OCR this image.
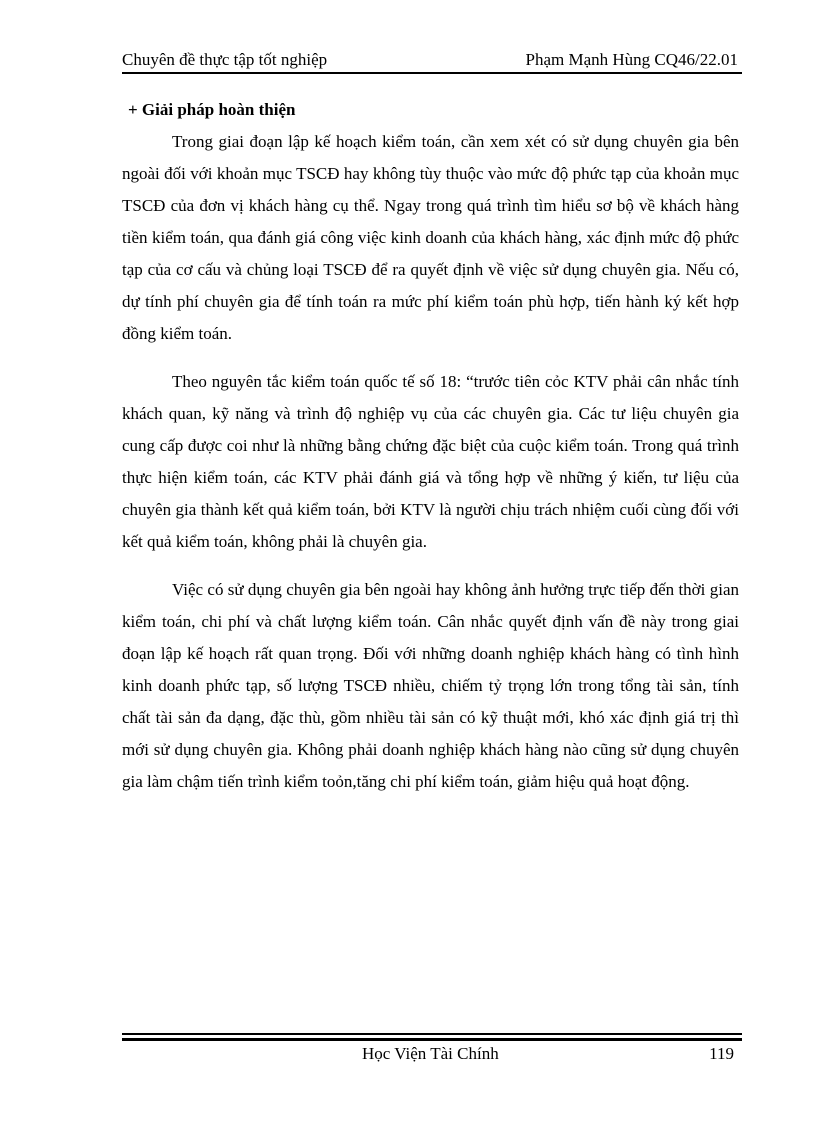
Chuyên đề thực tập tốt nghiệp	Phạm Mạnh Hùng CQ46/22.01

+ Giải pháp hoàn thiện

Trong giai đoạn lập kế hoạch kiểm toán, cần xem xét có sử dụng chuyên gia bên ngoài đối với khoản mục TSCĐ hay không tùy thuộc vào mức độ phức tạp của khoản mục TSCĐ của đơn vị khách hàng cụ thể. Ngay trong quá trình tìm hiểu sơ bộ về khách hàng tiền kiểm toán, qua đánh giá công việc kinh doanh của khách hàng, xác định mức độ phức tạp của cơ cấu và chủng loại TSCĐ để ra quyết định về việc sử dụng chuyên gia. Nếu có, dự tính phí chuyên gia để tính toán ra mức phí kiểm toán phù hợp, tiến hành ký kết hợp đồng kiểm toán.

Theo nguyên tắc kiểm toán quốc tế số 18: “trước tiên cỏc KTV phải cân nhắc tính khách quan, kỹ năng và trình độ nghiệp vụ của các chuyên gia. Các tư liệu chuyên gia cung cấp được coi như là những bằng chứng đặc biệt của cuộc kiểm toán. Trong quá trình thực hiện kiểm toán, các KTV phải đánh giá và tổng hợp về những ý kiến, tư liệu của chuyên gia thành kết quả kiểm toán, bởi KTV là người chịu trách nhiệm cuối cùng đối với kết quả kiểm toán, không phải là chuyên gia.

Việc có sử dụng chuyên gia bên ngoài hay không ảnh hưởng trực tiếp đến thời gian kiểm toán, chi phí và chất lượng kiểm toán. Cân nhắc quyết định vấn đề này trong giai đoạn lập kế hoạch rất quan trọng. Đối với những doanh nghiệp khách hàng có tình hình kinh doanh phức tạp, số lượng TSCĐ nhiều, chiếm tỷ trọng lớn trong tổng tài sản, tính chất tài sản đa dạng, đặc thù, gồm nhiều tài sản có kỹ thuật mới, khó xác định giá trị thì mới sử dụng chuyên gia. Không phải doanh nghiệp khách hàng nào cũng sử dụng chuyên gia làm chậm tiến trình kiểm toỏn,tăng chi phí kiểm toán, giảm hiệu quả hoạt động.

Học Viện Tài Chính	119
